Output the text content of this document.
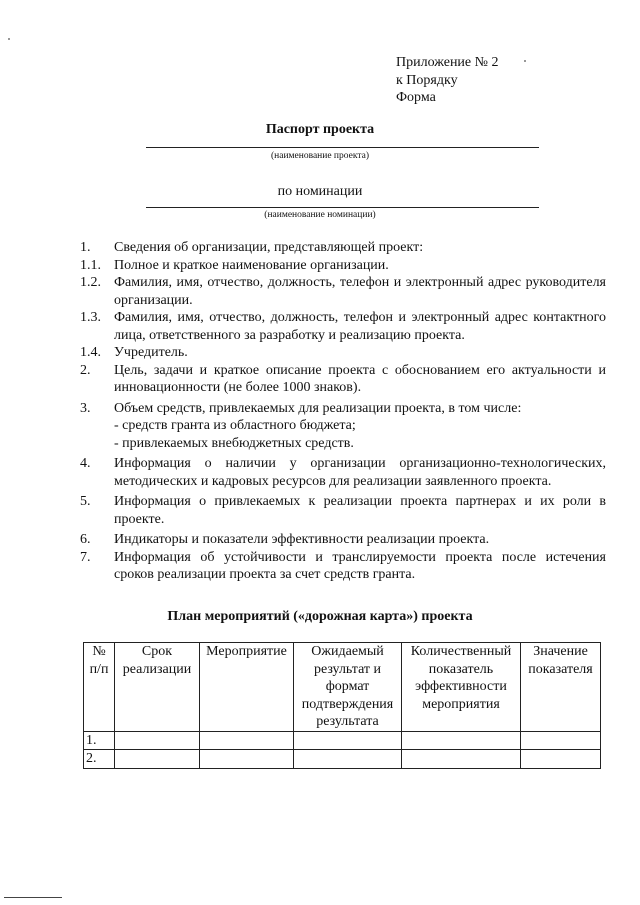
Приложение № 2
к Порядку
Форма
Паспорт проекта
(наименование проекта)
по номинации
(наименование номинации)
1.	Сведения об организации, представляющей проект:
1.1. Полное и краткое наименование организации.
1.2. Фамилия, имя, отчество, должность, телефон и электронный адрес руководителя организации.
1.3. Фамилия, имя, отчество, должность, телефон и электронный адрес контактного лица, ответственного за разработку и реализацию проекта.
1.4. Учредитель.
2.	Цель, задачи и краткое описание проекта с обоснованием его актуальности и инновационности (не более 1000 знаков).
3.	Объем средств, привлекаемых для реализации проекта, в том числе:
- средств гранта из областного бюджета;
- привлекаемых внебюджетных средств.
4.	Информация о наличии у организации организационно-технологических, методических и кадровых ресурсов для реализации заявленного проекта.
5.	Информация о привлекаемых к реализации проекта партнерах и их роли в проекте.
6.	Индикаторы и показатели эффективности реализации проекта.
7.	Информация об устойчивости и транслируемости проекта после истечения сроков реализации проекта за счет средств гранта.
План мероприятий («дорожная карта») проекта
№ п/п	Срок реализации	Мероприятие	Ожидаемый результат и формат подтверждения результата	Количественный показатель эффективности мероприятия	Значение показателя
1.					
2.					
